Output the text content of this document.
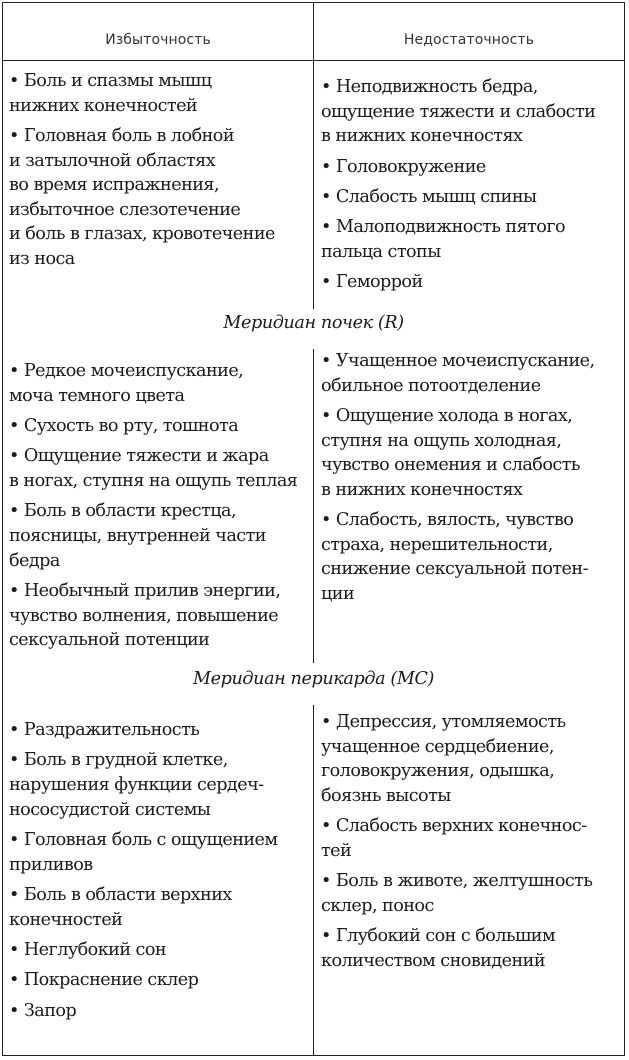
Избыточность	Недостаточность
• Боль и спазмы мышц
нижних конечностей
• Головная боль в лобной
и затылочной областях
во время испражнения,
избыточное слезотечение
и боль в глазах, кровотечение
из носа
• Неподвижность бедра,
ощущение тяжести и слабости
в нижних конечностях
• Головокружение
• Слабость мышц спины
• Малоподвижность пятого
пальца стопы
• Геморрой
Меридиан почек (R)
• Редкое мочеиспускание,
моча темного цвета
• Сухость во рту, тошнота
• Ощущение тяжести и жара
в ногах, ступня на ощупь теплая
• Боль в области крестца,
поясницы, внутренней части
бедра
• Необычный прилив энергии,
чувство волнения, повышение
сексуальной потенции
• Учащенное мочеиспускание,
обильное потоотделение
• Ощущение холода в ногах,
ступня на ощупь холодная,
чувство онемения и слабость
в нижних конечностях
• Слабость, вялость, чувство
страха, нерешительности,
снижение сексуальной потен-
ции
Меридиан перикарда (МС)
• Раздражительность
• Боль в грудной клетке,
нарушения функции сердеч-
нососудистой системы
• Головная боль с ощущением
приливов
• Боль в области верхних
конечностей
• Неглубокий сон
• Покраснение склер
• Запор
• Депрессия, утомляемость
учащенное сердцебиение,
головокружения, одышка,
боязнь высоты
• Слабость верхних конечнос-
тей
• Боль в животе, желтушность
склер, понос
• Глубокий сон с большим
количеством сновидений
